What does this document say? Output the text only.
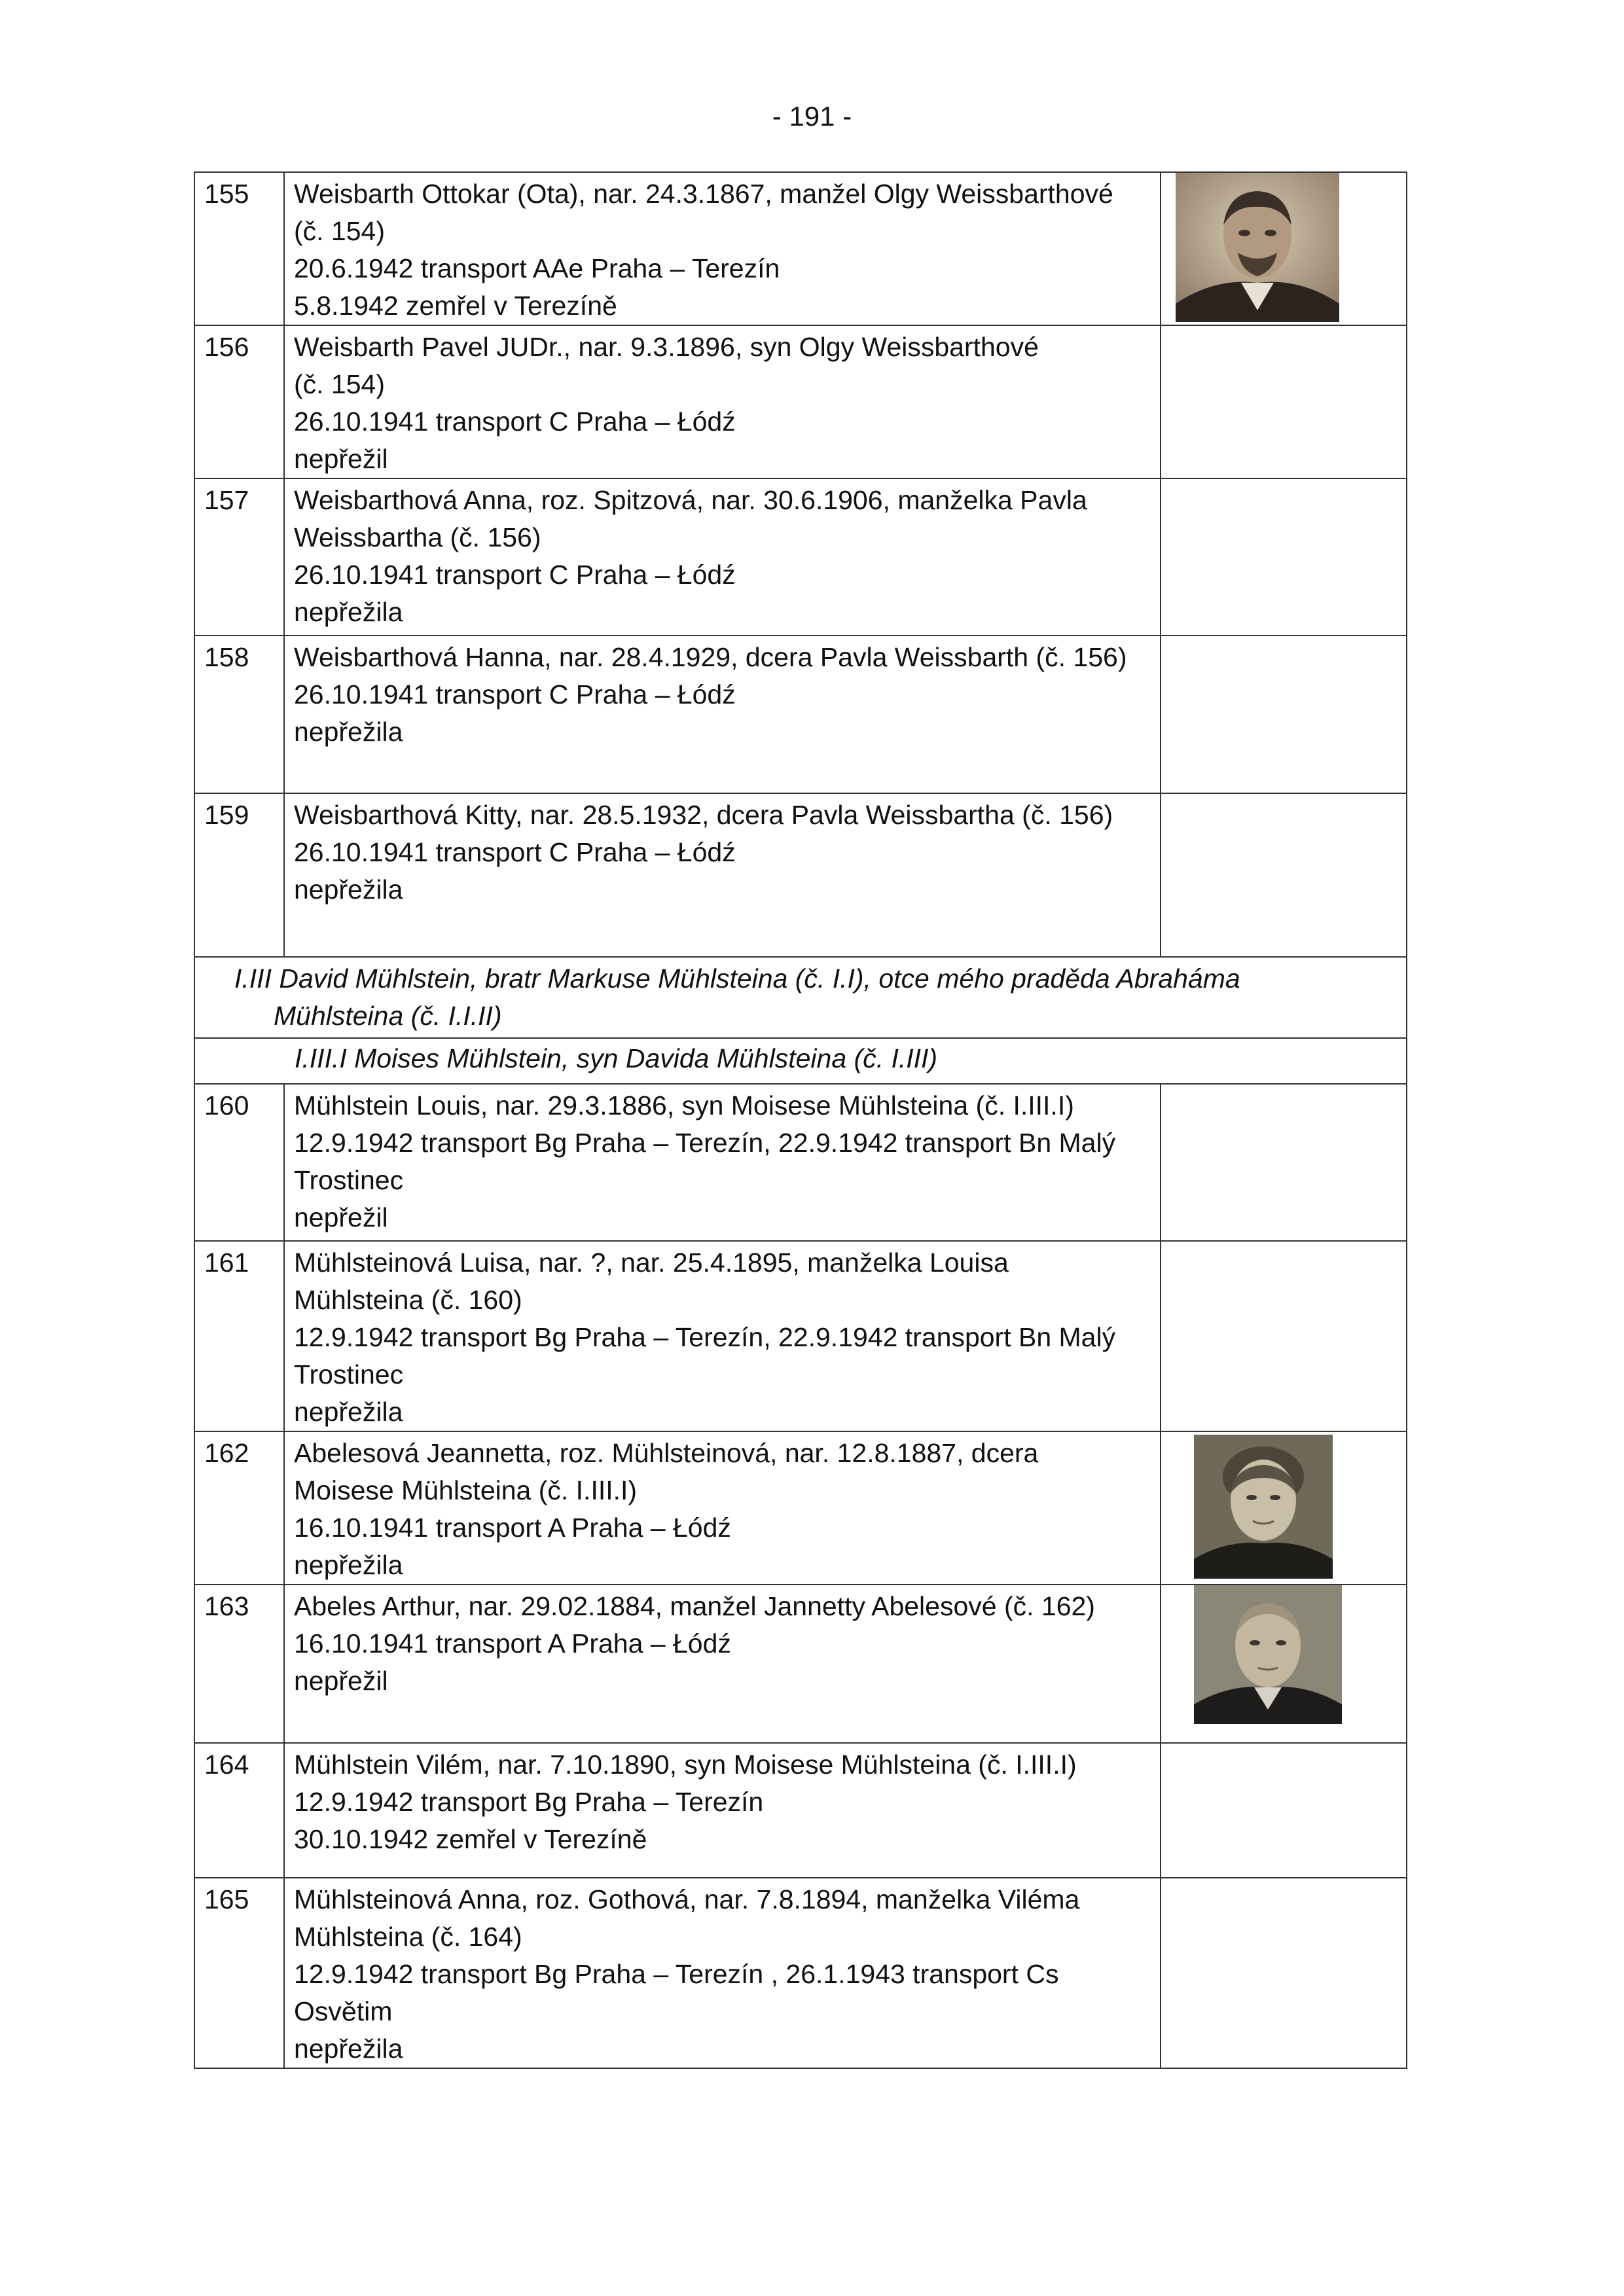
- 191 -
155	Weisbarth Ottokar (Ota), nar. 24.3.1867, manžel Olgy Weissbarthové
(č. 154)
20.6.1942 transport AAe Praha – Terezín
5.8.1942 zemřel v Terezíně

156	Weisbarth Pavel JUDr., nar. 9.3.1896, syn Olgy Weissbarthové
(č. 154)
26.10.1941 transport C Praha – Łódź
nepřežil	

157	Weisbarthová Anna, roz. Spitzová, nar. 30.6.1906, manželka Pavla
Weissbartha (č. 156)
26.10.1941 transport C Praha – Łódź
nepřežila	

158	Weisbarthová Hanna, nar. 28.4.1929, dcera Pavla Weissbarth (č. 156)
26.10.1941 transport C Praha – Łódź
nepřežila	

159	Weisbarthová Kitty, nar. 28.5.1932, dcera Pavla Weissbartha (č. 156)
26.10.1941 transport C Praha – Łódź
nepřežila	

I.III David Mühlstein, bratr Markuse Mühlsteina (č. I.I), otce mého praděda Abraháma
Mühlsteina (č. I.I.II)		

I.III.I Moises Mühlstein, syn Davida Mühlsteina (č. I.III)		
160	Mühlstein Louis, nar. 29.3.1886, syn Moisese Mühlsteina (č. I.III.I)
12.9.1942 transport Bg Praha – Terezín, 22.9.1942 transport Bn Malý
Trostinec
nepřežil	

161	Mühlsteinová Luisa, nar. ?, nar. 25.4.1895, manželka Louisa
Mühlsteina (č. 160)
12.9.1942 transport Bg Praha – Terezín, 22.9.1942 transport Bn Malý
Trostinec
nepřežila	

162	Abelesová Jeannetta, roz. Mühlsteinová, nar. 12.8.1887, dcera
Moisese Mühlsteina (č. I.III.I)
16.10.1941 transport A Praha – Łódź
nepřežila

163	Abeles Arthur, nar. 29.02.1884, manžel Jannetty Abelesové (č. 162)
16.10.1941 transport A Praha – Łódź
nepřežil

164	Mühlstein Vilém, nar. 7.10.1890, syn Moisese Mühlsteina (č. I.III.I)
12.9.1942 transport Bg Praha – Terezín
30.10.1942 zemřel v Terezíně	

165	Mühlsteinová Anna, roz. Gothová, nar. 7.8.1894, manželka Viléma
Mühlsteina (č. 164)
12.9.1942 transport Bg Praha – Terezín , 26.1.1943 transport Cs
Osvětim
nepřežila	
